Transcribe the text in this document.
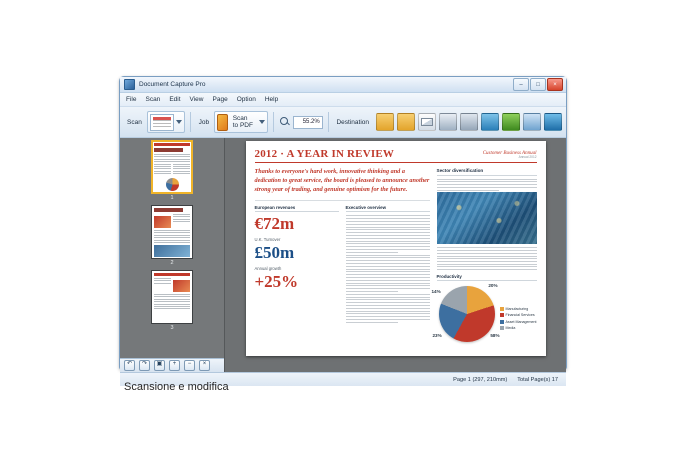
Document Capture Pro	–	□	×
File Scan Edit View Page Option Help
Scan	Job	Scan to PDF	55.2%	Destination
1
2
3
↶	↷	▣	+	−	×
2012 · A YEAR IN REVIEW	Customer Business Annual
Annual 2012
Thanks to everyone's hard work, innovative thinking and a dedication to great service, the board is pleased to announce another strong year of trading, and genuine optimism for the future.
European revenues
€72m
U.K. Turnover
£50m
Annual growth
+25%
Executive overview
Sector diversification
Productivity
20%
58%
23%
14%
Manufacturing
Financial Services
Asset Management
Media
Page 1 (297, 210mm) Total Page(s) 17
Scansione e modifica
